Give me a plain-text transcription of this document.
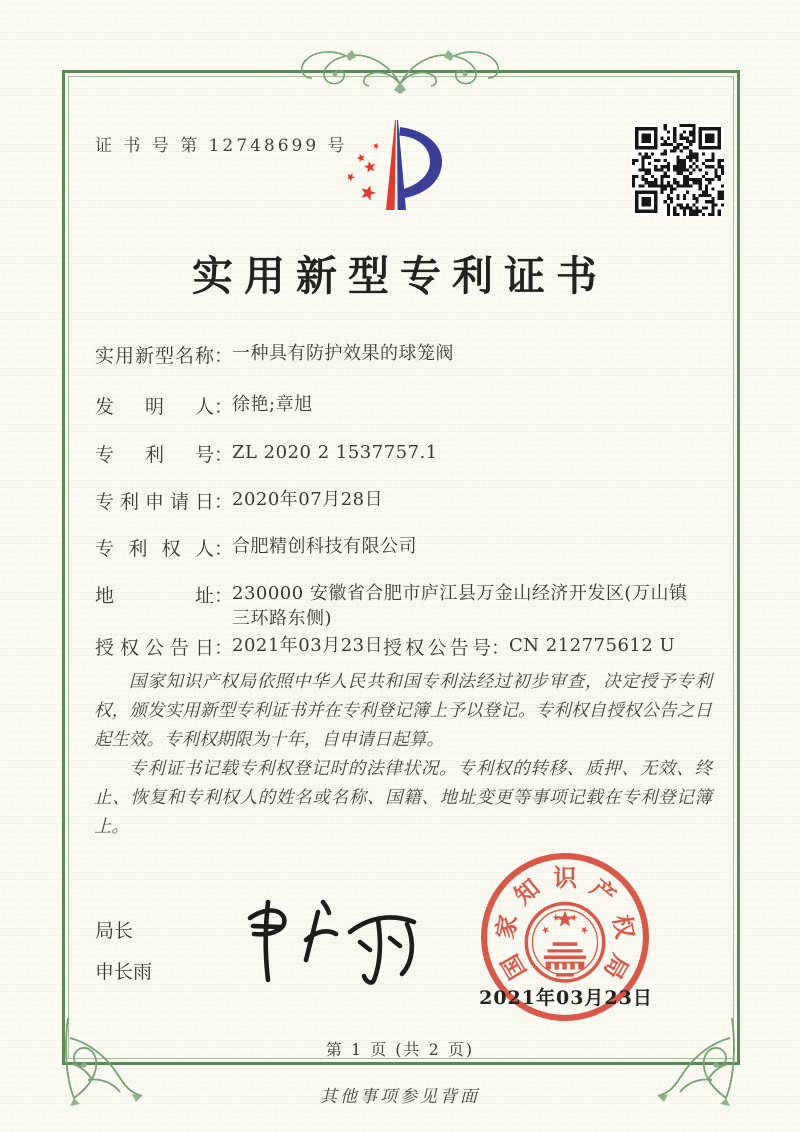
证 书 号 第 12748699 号
实用新型专利证书
实用新型名称：一种具有防护效果的球笼阀
发明人：徐艳;章旭
专利号：ZL 2020 2 1537757.1
专利申请日：2020年07月28日
专利权人：合肥精创科技有限公司
地址：230000 安徽省合肥市庐江县万金山经济开发区(万山镇三环路东侧)
授权公告日：2021年03月23日 授权公告号：CN 212775612 U

国家知识产权局依照中华人民共和国专利法经过初步审查，决定授予专利权，颁发实用新型专利证书并在专利登记簿上予以登记。专利权自授权公告之日起生效。专利权期限为十年，自申请日起算。

专利证书记载专利权登记时的法律状况。专利权的转移、质押、无效、终止、恢复和专利权人的姓名或名称、国籍、地址变更等事项记载在专利登记簿上。

局长
申长雨	国
家
知 识 产
权
局
2021年03月23日
第 1 页 (共 2 页)
其他事项参见背面
